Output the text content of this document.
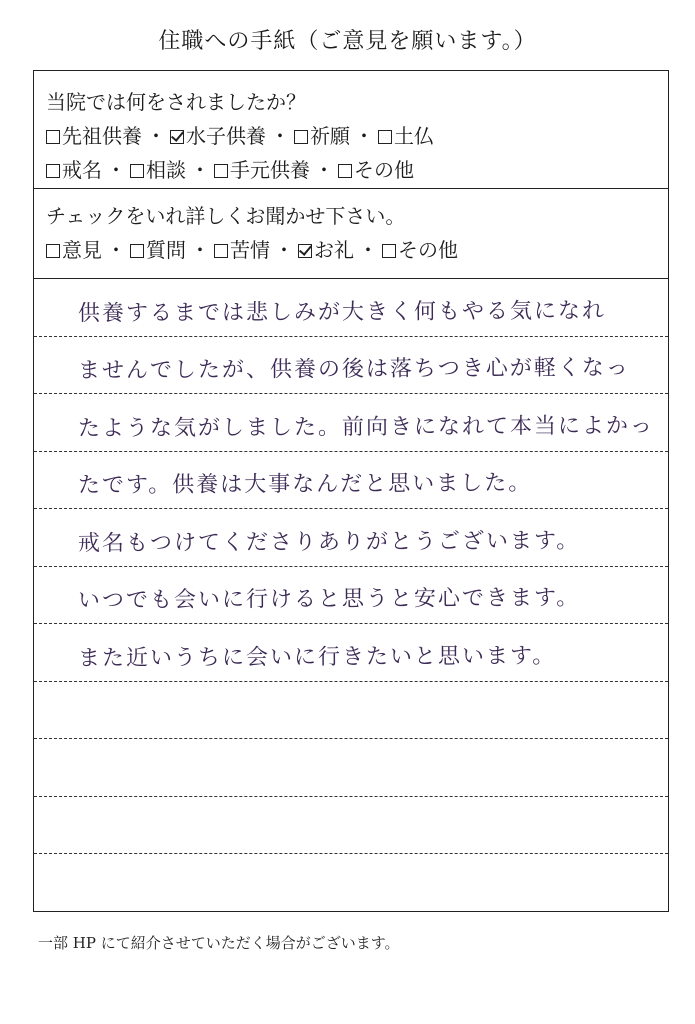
住職への手紙（ご意見を願います。）
当院では何をされましたか？
先祖供養 ・ 水子供養 ・ 祈願 ・ 土仏
戒名 ・ 相談 ・ 手元供養 ・ その他
チェックをいれ詳しくお聞かせ下さい。
意見 ・ 質問 ・ 苦情 ・ お礼 ・ その他
供養するまでは悲しみが大きく何もやる気になれ
ませんでしたが、供養の後は落ちつき心が軽くなっ
たような気がしました。前向きになれて本当によかっ
たです。供養は大事なんだと思いました。
戒名もつけてくださりありがとうございます。
いつでも会いに行けると思うと安心できます。
また近いうちに会いに行きたいと思います。
一部 HP にて紹介させていただく場合がございます。
